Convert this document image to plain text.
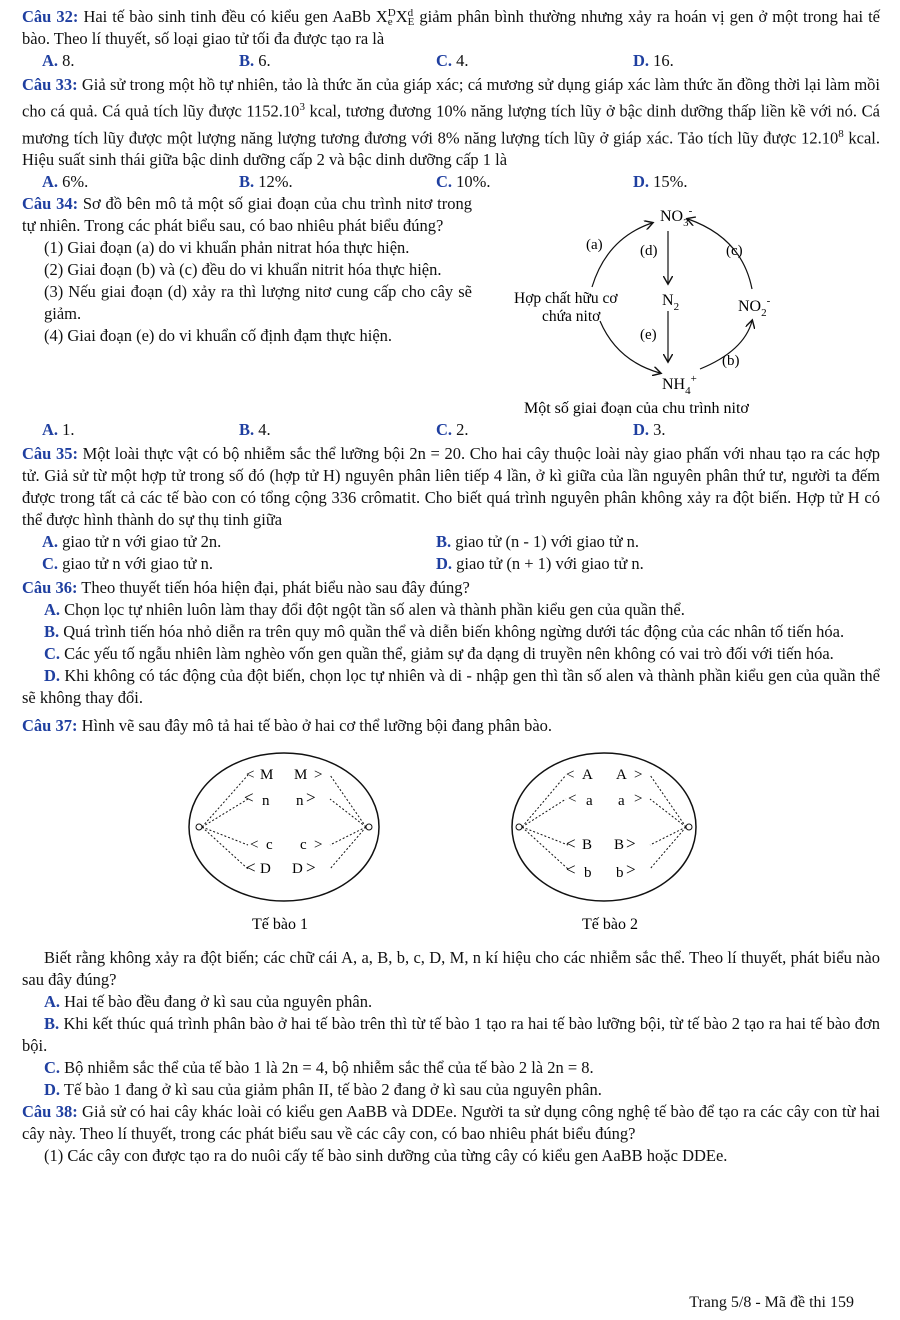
Câu 32: Hai tế bào sinh tinh đều có kiểu gen AaBb X D
e X d
E giảm phân bình thường nhưng xảy ra hoán vị gen ở một trong hai tế bào. Theo lí thuyết, số loại giao tử tối đa được tạo ra là

A. 8.	B. 6.	C. 4.	D. 16.

Câu 33: Giả sử trong một hồ tự nhiên, tảo là thức ăn của giáp xác; cá mương sử dụng giáp xác làm thức ăn đồng thời lại làm mồi cho cá quả. Cá quả tích lũy được 1152.10$^3$ kcal, tương đương 10% năng lượng tích lũy ở bậc dinh dưỡng thấp liền kề với nó. Cá mương tích lũy được một lượng năng lượng tương đương với 8% năng lượng tích lũy ở giáp xác. Tảo tích lũy được 12.10$^8$ kcal. Hiệu suất sinh thái giữa bậc dinh dưỡng cấp 2 và bậc dinh dưỡng cấp 1 là

A. 6%.	B. 12%.	C. 10%.	D. 15%.

Câu 34: Sơ đồ bên mô tả một số giai đoạn của chu trình nitơ trong tự nhiên. Trong các phát biểu sau, có bao nhiêu phát biểu đúng?

(1) Giai đoạn (a) do vi khuẩn phản nitrat hóa thực hiện.

(2) Giai đoạn (b) và (c) đều do vi khuẩn nitrit hóa thực hiện.

(3) Nếu giai đoạn (d) xảy ra thì lượng nitơ cung cấp cho cây sẽ giảm.

(4) Giai đoạn (e) do vi khuẩn cố định đạm thực hiện.

$NO_3^-$
$N_2$	$NO_2^-$
$NH_4^+$
Hợp chất hữu cơ
chứa nitơ
(a) (d)	(c)
(e)
(b)
Một số giai đoạn của chu trình nitơ
A. 1.	B. 4.	C. 2.	D. 3.

Câu 35: Một loài thực vật có bộ nhiễm sắc thể lưỡng bội 2n = 20. Cho hai cây thuộc loài này giao phấn với nhau tạo ra các hợp tử. Giả sử từ một hợp tử trong số đó (hợp tử H) nguyên phân liên tiếp 4 lần, ở kì giữa của lần nguyên phân thứ tư, người ta đếm được trong tất cả các tế bào con có tổng cộng 336 crômatit. Cho biết quá trình nguyên phân không xảy ra đột biến. Hợp tử H có thể được hình thành do sự thụ tinh giữa

A. giao tử n với giao tử 2n.	B. giao tử (n - 1) với giao tử n.
C. giao tử n với giao tử n.	D. giao tử (n + 1) với giao tử n.

Câu 36: Theo thuyết tiến hóa hiện đại, phát biểu nào sau đây đúng?

A. Chọn lọc tự nhiên luôn làm thay đổi đột ngột tần số alen và thành phần kiểu gen của quần thể.

B. Quá trình tiến hóa nhỏ diễn ra trên quy mô quần thể và diễn biến không ngừng dưới tác động của các nhân tố tiến hóa.

C. Các yếu tố ngẫu nhiên làm nghèo vốn gen quần thể, giảm sự đa dạng di truyền nên không có vai trò đối với tiến hóa.

D. Khi không có tác động của đột biến, chọn lọc tự nhiên và di - nhập gen thì tần số alen và thành phần kiểu gen của quần thể sẽ không thay đổi.

Câu 37: Hình vẽ sau đây mô tả hai tế bào ở hai cơ thể lưỡng bội đang phân bào.

< M M >
< n n >
< c c >
< D D >
Tế bào 1
< A A >
< a a >
< B B >
< b b >
Tế bào 2

Biết rằng không xảy ra đột biến; các chữ cái A, a, B, b, c, D, M, n kí hiệu cho các nhiễm sắc thể. Theo lí thuyết, phát biểu nào sau đây đúng?

A. Hai tế bào đều đang ở kì sau của nguyên phân.

B. Khi kết thúc quá trình phân bào ở hai tế bào trên thì từ tế bào 1 tạo ra hai tế bào lưỡng bội, từ tế bào 2 tạo ra hai tế bào đơn bội.

C. Bộ nhiễm sắc thể của tế bào 1 là 2n = 4, bộ nhiễm sắc thể của tế bào 2 là 2n = 8.

D. Tế bào 1 đang ở kì sau của giảm phân II, tế bào 2 đang ở kì sau của nguyên phân.

Câu 38: Giả sử có hai cây khác loài có kiểu gen AaBB và DDEe. Người ta sử dụng công nghệ tế bào để tạo ra các cây con từ hai cây này. Theo lí thuyết, trong các phát biểu sau về các cây con, có bao nhiêu phát biểu đúng?

(1) Các cây con được tạo ra do nuôi cấy tế bào sinh dưỡng của từng cây có kiểu gen AaBB hoặc DDEe.

Trang 5/8 - Mã đề thi 159
